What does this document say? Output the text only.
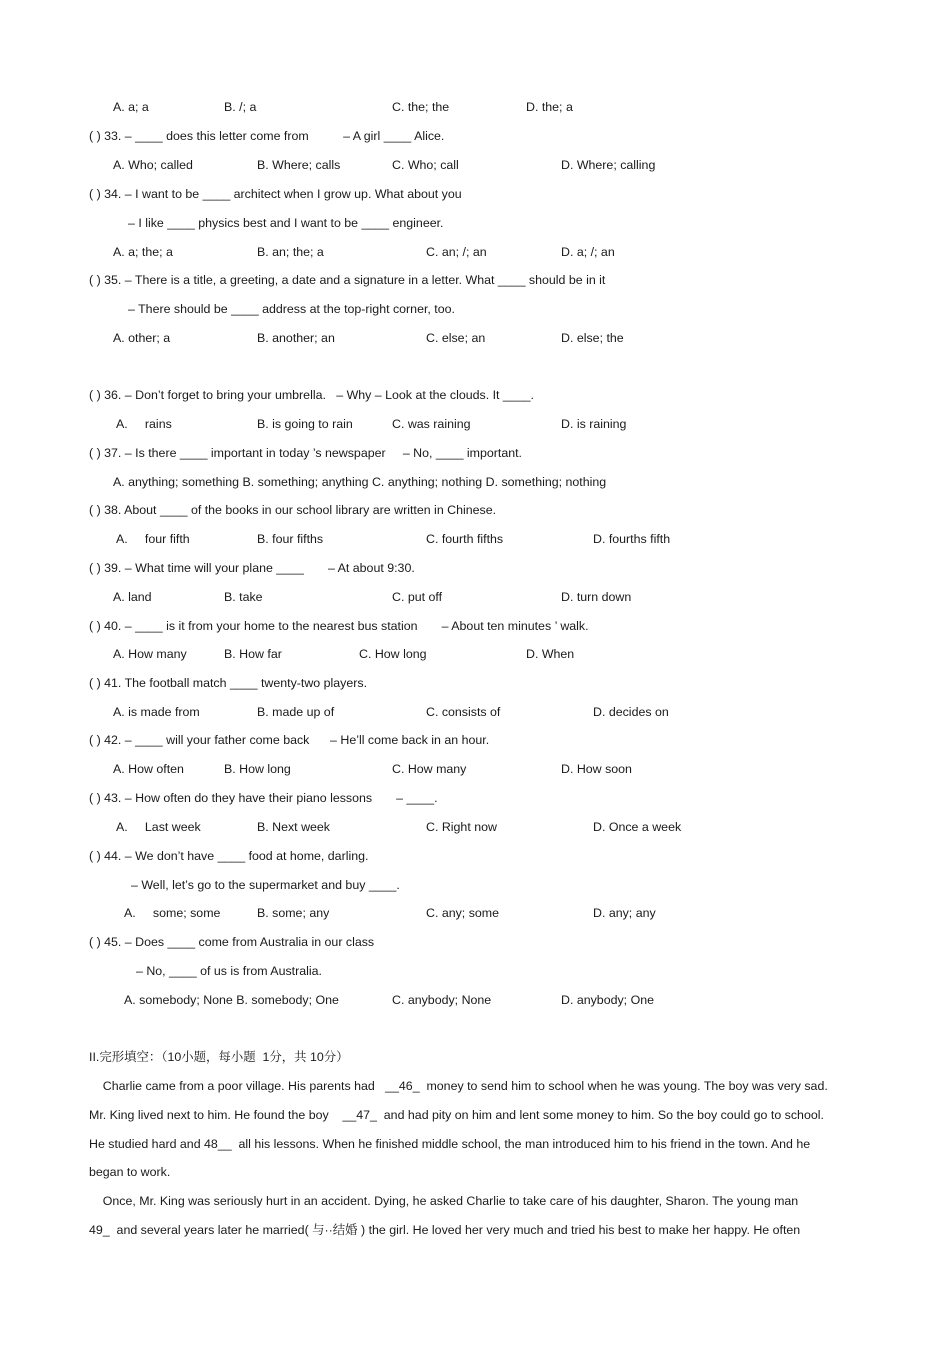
A. a; a	B. /; a	C. the; the	D. the; a
( ) 33. – ____ does this letter come from          – A girl ____ Alice.
A. Who; called	B. Where; calls	C. Who; call	D. Where; calling
( ) 34. – I want to be ____ architect when I grow up. What about you
– I like ____ physics best and I want to be ____ engineer.
A. a; the; a	B. an; the; a	C. an; /; an	D. a; /; an
( ) 35. – There is a title, a greeting, a date and a signature in a letter. What ____ should be in it
– There should be ____ address at the top-right corner, too.
A. other; a	B. another; an	C. else; an	D. else; the
( ) 36. – Don’t forget to bring your umbrella.   – Why – Look at the clouds. It ____.
A.     rains	B. is going to rain	C. was raining	D. is raining
( ) 37. – Is there ____ important in today ’s newspaper     – No, ____ important.
A. anything; something B. something; anything C. anything; nothing D. something; nothing
( ) 38. About ____ of the books in our school library are written in Chinese.
A.     four fifth	B. four fifths	C. fourth fifths	D. fourths fifth
( ) 39. – What time will your plane ____       – At about 9:30.
A. land	B. take	C. put off	D. turn down
( ) 40. – ____ is it from your home to the nearest bus station       – About ten minutes ’ walk.
A. How many	B. How far	C. How long	D. When
( ) 41. The football match ____ twenty-two players.
A. is made from	B. made up of	C. consists of	D. decides on
( ) 42. – ____ will your father come back      – He’ll come back in an hour.
A. How often	B. How long	C. How many	D. How soon
( ) 43. – How often do they have their piano lessons       – ____.
A.     Last week	B. Next week	C. Right now	D. Once a week
( ) 44. – We don’t have ____ food at home, darling.
– Well, let’s go to the supermarket and buy ____.
A.     some; some	B. some; any	C. any; some	D. any; any
( ) 45. – Does ____ come from Australia in our class
– No, ____ of us is from Australia.
A. somebody; None B. somebody; One	C. anybody; None	D. anybody; One
II.完形填空：（10小题，每小题  1分，共 10分）
Charlie came from a poor village. His parents had   __46_  money to send him to school when he was young. The boy was very sad.
Mr. King lived next to him. He found the boy    __47_  and had pity on him and lent some money to him. So the boy could go to school.
He studied hard and 48__  all his lessons. When he finished middle school, the man introduced him to his friend in the town. And he
began to work.
Once, Mr. King was seriously hurt in an accident. Dying, he asked Charlie to take care of his daughter, Sharon. The young man
49_  and several years later he married( 与··结婚 ) the girl. He loved her very much and tried his best to make her happy. He often
